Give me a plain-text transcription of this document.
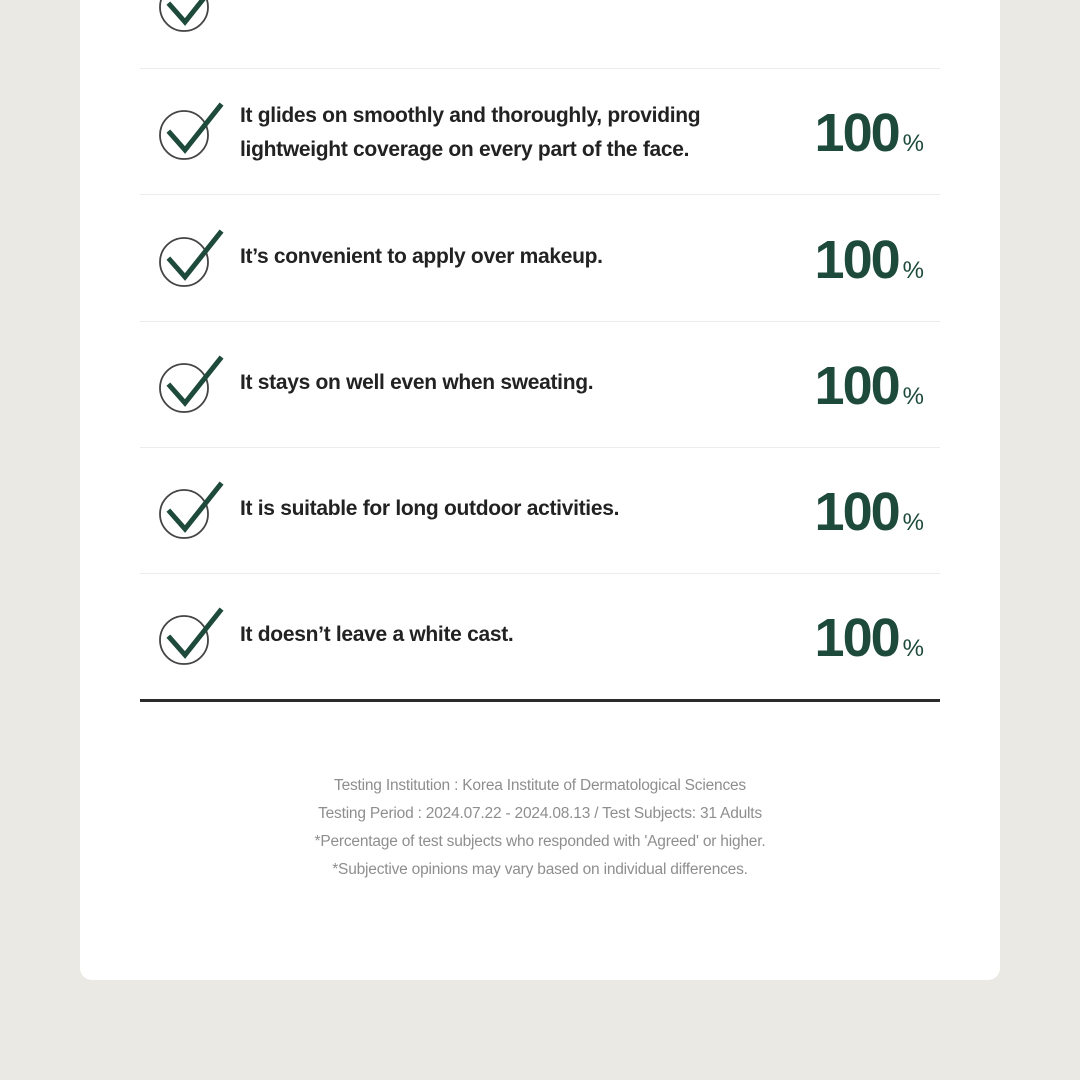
It glides on smoothly and thoroughly, providing
lightweight coverage on every part of the face.	100 %
It’s convenient to apply over makeup.	100 %
It stays on well even when sweating.	100 %
It is suitable for long outdoor activities.	100 %
It doesn’t leave a white cast.	100 %
Testing Institution : Korea Institute of Dermatological Sciences
Testing Period : 2024.07.22 - 2024.08.13 / Test Subjects: 31 Adults
*Percentage of test subjects who responded with 'Agreed' or higher.
*Subjective opinions may vary based on individual differences.
